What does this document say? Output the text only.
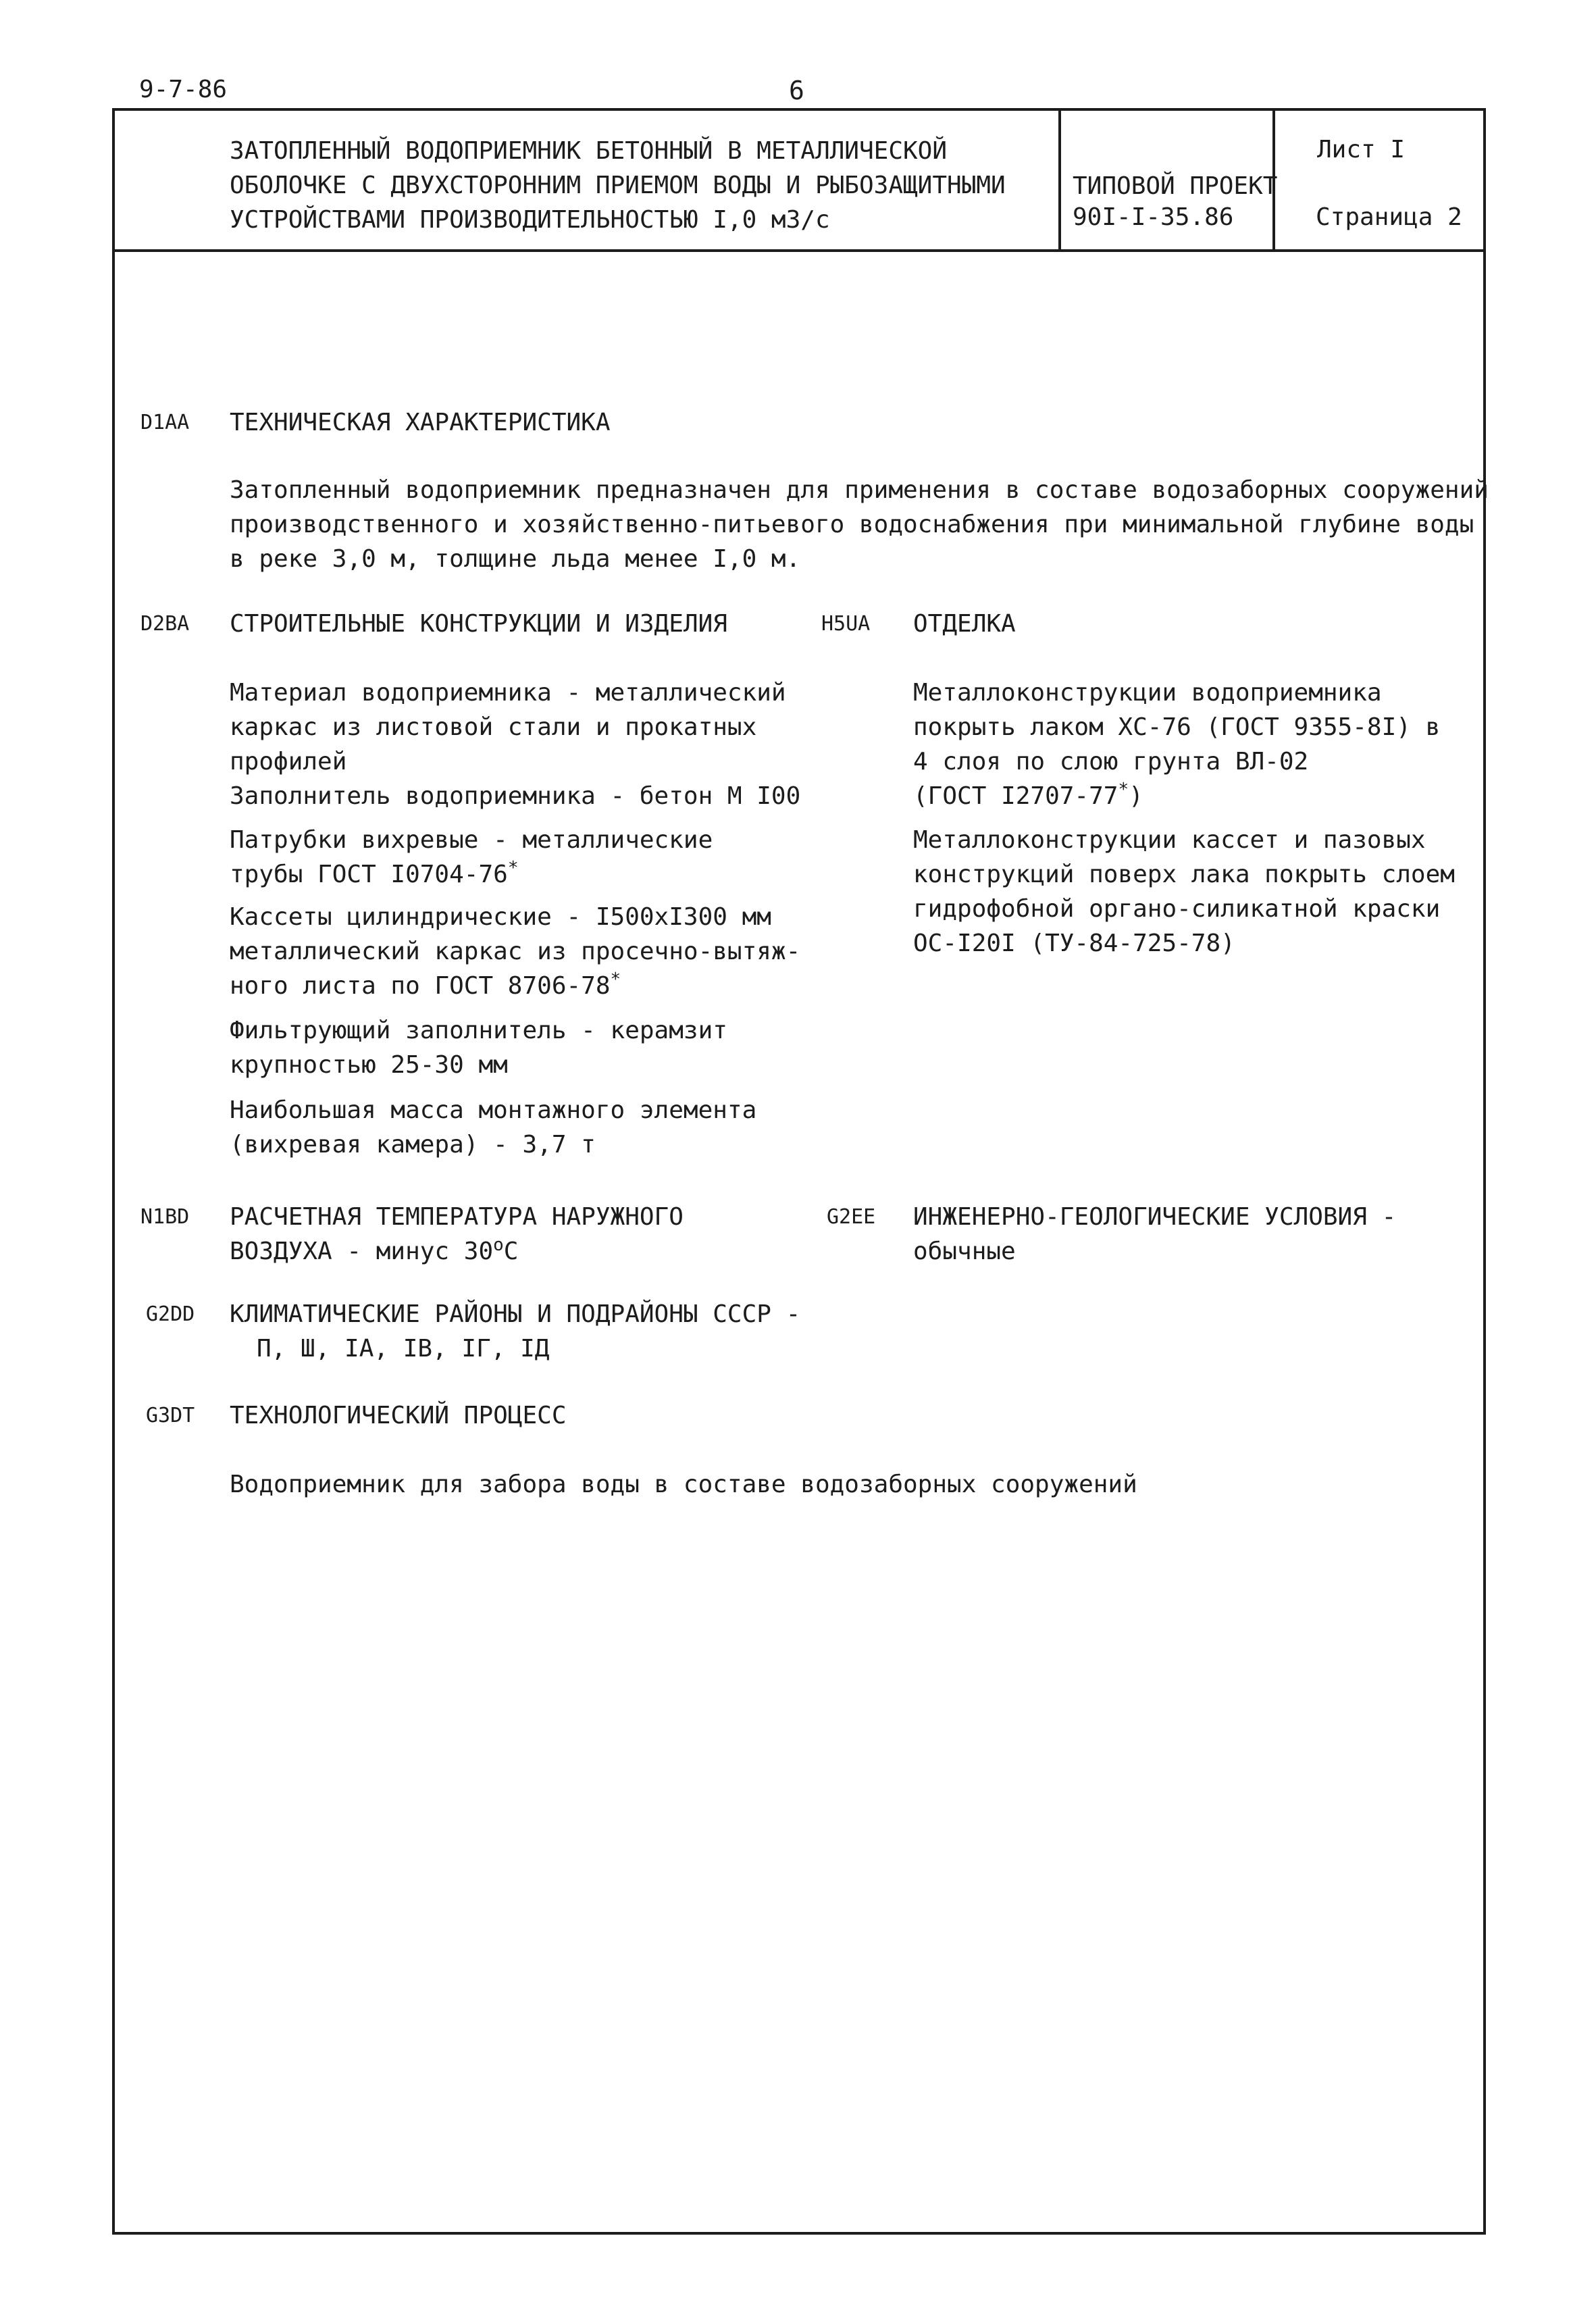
9-7-86	6
ЗАТОПЛЕННЫЙ ВОДОПРИЕМНИК БЕТОННЫЙ В МЕТАЛЛИЧЕСКОЙ
ОБОЛОЧКЕ С ДВУХСТОРОННИМ ПРИЕМОМ ВОДЫ И РЫБОЗАЩИТНЫМИ
УСТРОЙСТВАМИ ПРОИЗВОДИТЕЛЬНОСТЬЮ I,0 м3/с
ТИПОВОЙ ПРОЕКТ
90I-I-35.86
Лист I
Страница 2
D1AA ТЕХНИЧЕСКАЯ ХАРАКТЕРИСТИКА
Затопленный водоприемник предназначен для применения в составе водозаборных сооружений
производственного и хозяйственно-питьевого водоснабжения при минимальной глубине воды
в реке 3,0 м, толщине льда менее I,0 м.
D2BA СТРОИТЕЛЬНЫЕ КОНСТРУКЦИИ И ИЗДЕЛИЯ
Материал водоприемника - металлический
каркас из листовой стали и прокатных
профилей
Заполнитель водоприемника - бетон М I00
Патрубки вихревые - металлические
трубы ГОСТ I0704-76*
Кассеты цилиндрические - I500хI300 мм
металлический каркас из просечно-вытяж-
ного листа по ГОСТ 8706-78*
Фильтрующий заполнитель - керамзит
крупностью 25-30 мм
Наибольшая масса монтажного элемента
(вихревая камера) - 3,7 т
H5UA ОТДЕЛКА
Металлоконструкции водоприемника
покрыть лаком ХС-76 (ГОСТ 9355-8I) в
4 слоя по слою грунта ВЛ-02
(ГОСТ I2707-77*)
Металлоконструкции кассет и пазовых
конструкций поверх лака покрыть слоем
гидрофобной органо-силикатной краски
ОС-I20I (ТУ-84-725-78)
N1BD РАСЧЕТНАЯ ТЕМПЕРАТУРА НАРУЖНОГО
ВОЗДУХА - минус 30$^o$С
G2EE ИНЖЕНЕРНО-ГЕОЛОГИЧЕСКИЕ УСЛОВИЯ -
обычные
G2DD КЛИМАТИЧЕСКИЕ РАЙОНЫ И ПОДРАЙОНЫ СССР -
П, Ш, IA, IB, IГ, IД
G3DT ТЕХНОЛОГИЧЕСКИЙ ПРОЦЕСС
Водоприемник для забора воды в составе водозаборных сооружений
